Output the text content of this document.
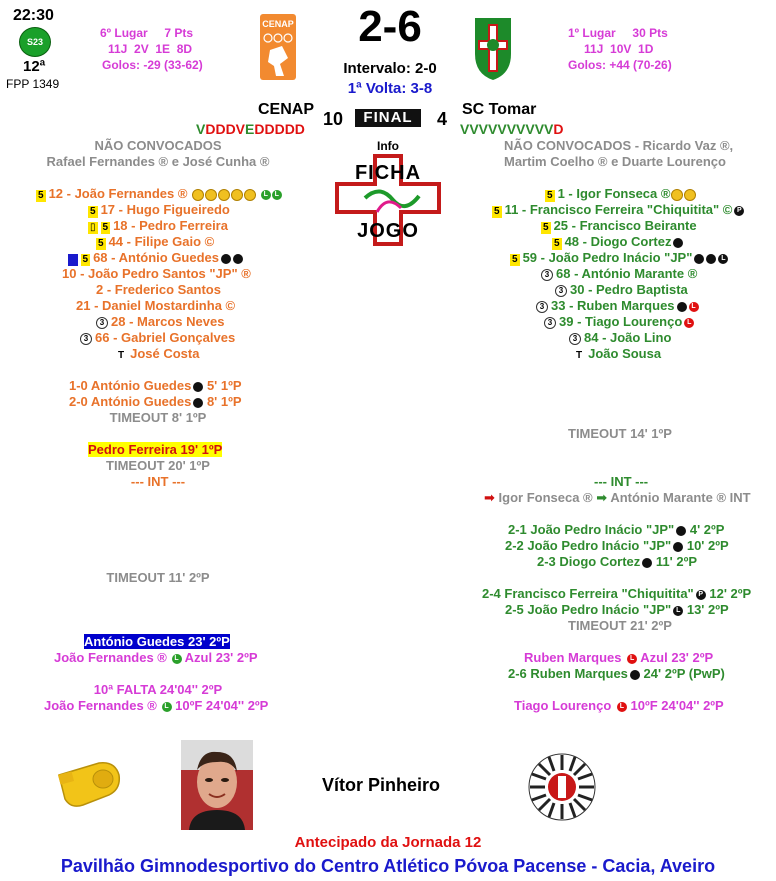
22:30
S23
12ª
FPP 1349
6º Lugar     7 Pts
11J  2V  1E  8D
Golos: -29 (33-62)
CENAP	2-6
Intervalo: 2-0
1ª Volta: 3-8
1º Lugar     30 Pts
11J  10V  1D
Golos: +44 (70-26)
CENAP 10	FINAL	4 SC Tomar
VDDDVEDDDDD	VVVVVVVVVVD
Info
FICHA
JOGO
NÃO CONVOCADOS
Rafael Fernandes ® e José Cunha ®
5 12 - João Fernandes ®	L L
5 17 - Hugo Figueiredo
▯ 5 18 - Pedro Ferreira
5 44 - Filipe Gaio ©
▮ 5 68 - António Guedes
10 - João Pedro Santos "JP" ®
2 - Frederico Santos
21 - Daniel Mostardinha ©
3 28 - Marcos Neves
3 66 - Gabriel Gonçalves
T José Costa
1-0 António Guedes 5' 1ºP
2-0 António Guedes 8' 1ºP
TIMEOUT 8' 1ºP
Pedro Ferreira 19' 1ºP
TIMEOUT 20' 1ºP
--- INT ---
TIMEOUT 11' 2ºP
António Guedes 23' 2ºP
João Fernandes ® L Azul 23' 2ºP
10ª FALTA 24'04'' 2ºP
João Fernandes ® L 10ºF 24'04'' 2ºP
NÃO CONVOCADOS - Ricardo Vaz ®,
Martim Coelho ® e Duarte Lourenço
5 1 - Igor Fonseca ®
5 11 - Francisco Ferreira "Chiquitita" © P
5 25 - Francisco Beirante
5 48 - Diogo Cortez
5 59 - João Pedro Inácio "JP"	L
3 68 - António Marante ®
3 30 - Pedro Baptista
3 33 - Ruben Marques L
3 39 - Tiago Lourenço L
3 84 - João Lino
T João Sousa
TIMEOUT 14' 1ºP
--- INT ---
➡ Igor Fonseca ® ➡ António Marante ® INT
2-1 João Pedro Inácio "JP" 4' 2ºP
2-2 João Pedro Inácio "JP" 10' 2ºP
2-3 Diogo Cortez 11' 2ºP
2-4 Francisco Ferreira "Chiquitita" P 12' 2ºP
2-5 João Pedro Inácio "JP" L 13' 2ºP
TIMEOUT 21' 2ºP
Ruben Marques L Azul 23' 2ºP
2-6 Ruben Marques 24' 2ºP (PwP)
Tiago Lourenço L 10ºF 24'04'' 2ºP
Vítor Pinheiro
Antecipado da Jornada 12
Pavilhão Gimnodesportivo do Centro Atlético Póvoa Pacense - Cacia, Aveiro
